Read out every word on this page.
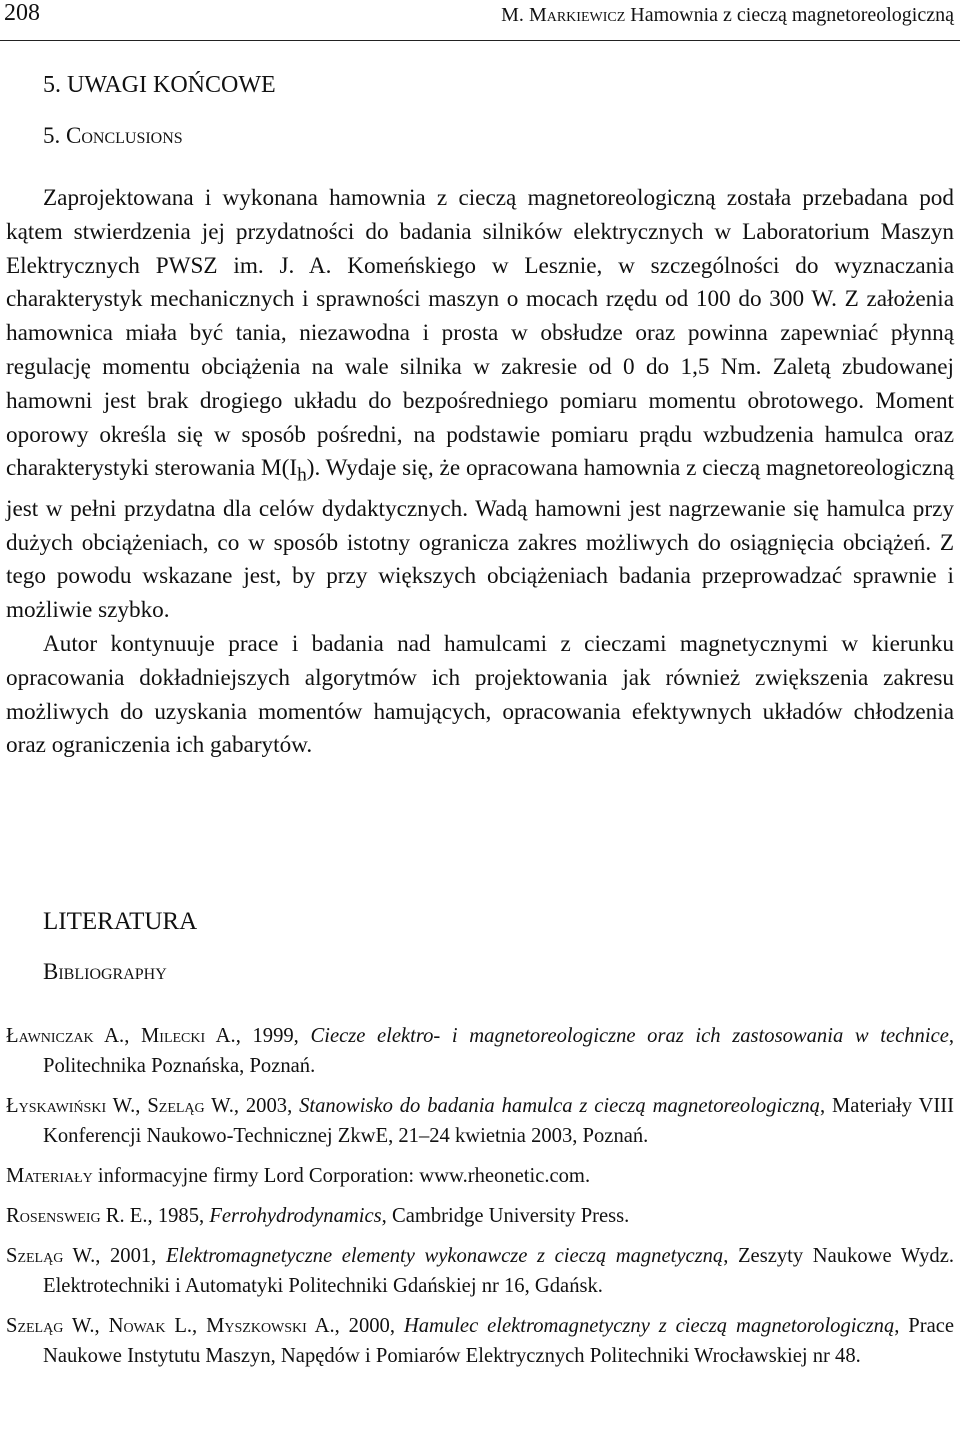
208	M. Markiewicz Hamownia z cieczą magnetoreologiczną
5. UWAGI KOŃCOWE
5. Conclusions

Zaprojektowana i wykonana hamownia z cieczą magnetoreologiczną została przebadana pod kątem stwierdzenia jej przydatności do badania silników elektrycznych w Laboratorium Maszyn Elektrycznych PWSZ im. J. A. Komeńskiego w Lesznie, w szczególności do wyznaczania charakterystyk mechanicznych i sprawności maszyn o mocach rzędu od 100 do 300 W. Z założenia hamownica miała być tania, niezawodna i prosta w obsłudze oraz powinna zapewniać płynną regulację momentu obciążenia na wale silnika w zakresie od 0 do 1,5 Nm. Zaletą zbudowanej hamowni jest brak drogiego układu do bezpośredniego pomiaru momentu obrotowego. Moment oporowy określa się w sposób pośredni, na podstawie pomiaru prądu wzbudzenia hamulca oraz charakterystyki sterowania $M(I_h)$. Wydaje się, że opracowana hamownia z cieczą magnetoreologiczną jest w pełni przydatna dla celów dydaktycznych. Wadą hamowni jest nagrzewanie się hamulca przy dużych obciążeniach, co w sposób istotny ogranicza zakres możliwych do osiągnięcia obciążeń. Z tego powodu wskazane jest, by przy większych obciążeniach badania przeprowadzać sprawnie i możliwie szybko.

Autor kontynuuje prace i badania nad hamulcami z cieczami magnetycznymi w kierunku opracowania dokładniejszych algorytmów ich projektowania jak również zwiększenia zakresu możliwych do uzyskania momentów hamujących, opracowania efektywnych układów chłodzenia oraz ograniczenia ich gabarytów.

LITERATURA
Bibliography

Ławniczak A., Milecki A., 1999, Ciecze elektro- i magnetoreologiczne oraz ich zastosowania w technice, Politechnika Poznańska, Poznań.

Łyskawiński W., Szeląg W., 2003, Stanowisko do badania hamulca z cieczą magnetoreologiczną, Materiały VIII Konferencji Naukowo-Technicznej ZkwE, 21–24 kwietnia 2003, Poznań.

Materiały informacyjne firmy Lord Corporation: www.rheonetic.com.

Rosensweig R. E., 1985, Ferrohydrodynamics, Cambridge University Press.

Szeląg W., 2001, Elektromagnetyczne elementy wykonawcze z cieczą magnetyczną, Zeszyty Naukowe Wydz. Elektrotechniki i Automatyki Politechniki Gdańskiej nr 16, Gdańsk.

Szeląg W., Nowak L., Myszkowski A., 2000, Hamulec elektromagnetyczny z cieczą magnetorologiczną, Prace Naukowe Instytutu Maszyn, Napędów i Pomiarów Elektrycznych Politechniki Wrocławskiej nr 48.
